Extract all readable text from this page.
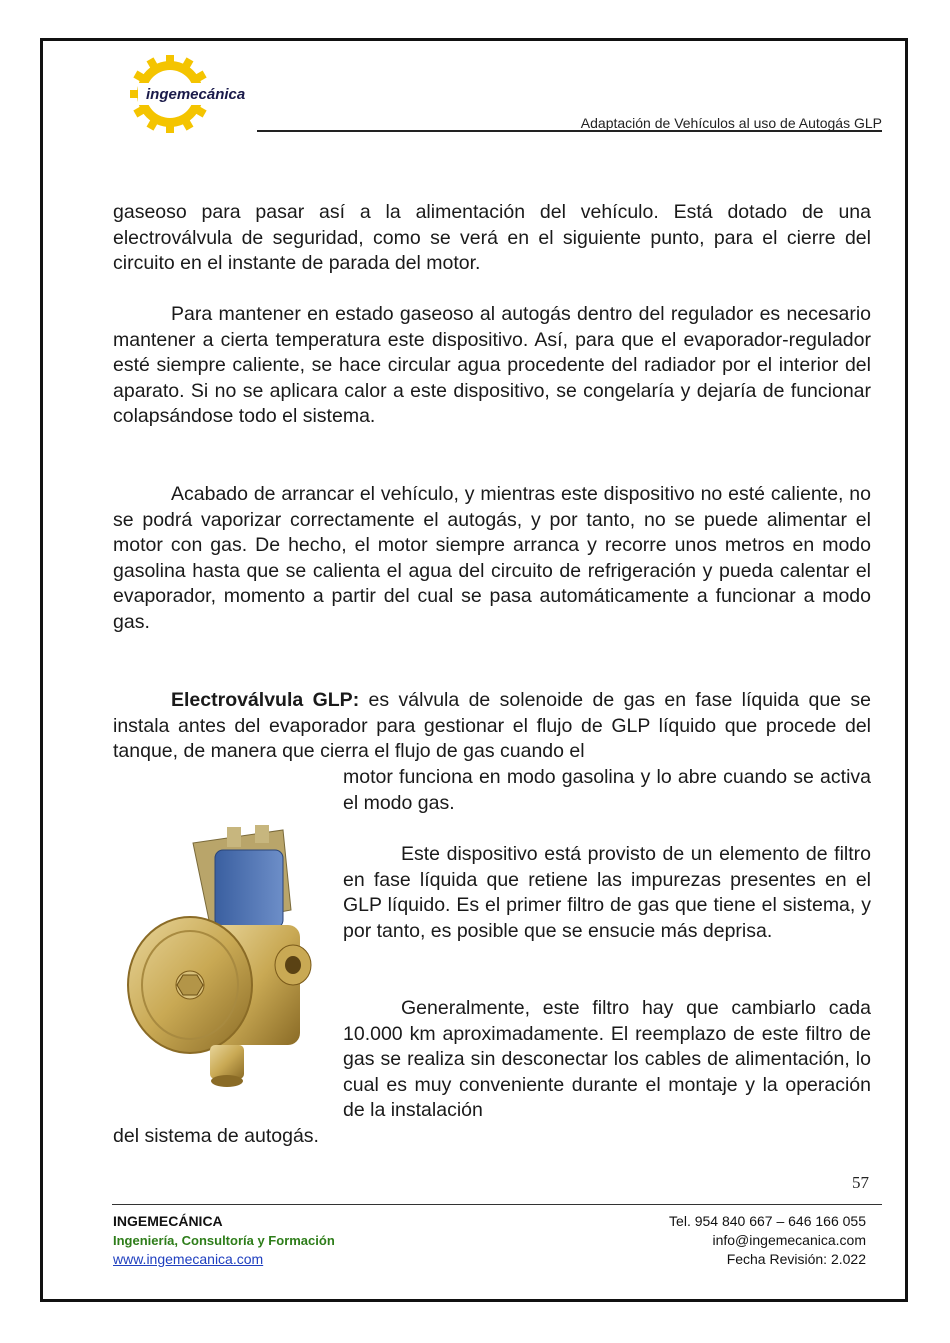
ingemecánica
Adaptación de Vehículos al uso de Autogás GLP
gaseoso para pasar así a la alimentación del vehículo. Está dotado de una electroválvula de seguridad, como se verá en el siguiente punto, para el cierre del circuito en el instante de parada del motor.
Para mantener en estado gaseoso al autogás dentro del regulador es necesario mantener a cierta temperatura este dispositivo. Así, para que el evaporador-regulador esté siempre caliente, se hace circular agua procedente del radiador por el interior del aparato. Si no se aplicara calor a este dispositivo, se congelaría y dejaría de funcionar colapsándose todo el sistema.
Acabado de arrancar el vehículo, y mientras este dispositivo no esté caliente, no se podrá vaporizar correctamente el autogás, y por tanto, no se puede alimentar el motor con gas. De hecho, el motor siempre arranca y recorre unos metros en modo gasolina hasta que se calienta el agua del circuito de refrigeración y pueda calentar el evaporador, momento a partir del cual se pasa automáticamente a funcionar a modo gas.
Electroválvula GLP: es válvula de solenoide de gas en fase líquida que se instala antes del evaporador para gestionar el flujo de GLP líquido que procede del tanque, de manera que cierra el flujo de gas cuando el
motor funciona en modo gasolina y lo abre cuando se activa el modo gas.
Este dispositivo está provisto de un elemento de filtro en fase líquida que retiene las impurezas presentes en el GLP líquido. Es el primer filtro de gas que tiene el sistema, y por tanto, es posible que se ensucie más deprisa.
Generalmente, este filtro hay que cambiarlo cada 10.000 km aproximadamente. El reemplazo de este filtro de gas se realiza sin desconectar los cables de alimentación, lo cual es muy conveniente durante el montaje y la operación de la instalación
del sistema de autogás.
57
INGEMECÁNICA
Ingeniería, Consultoría y Formación
www.ingemecanica.com
Tel. 954 840 667 – 646 166 055
info@ingemecanica.com
Fecha Revisión: 2.022
